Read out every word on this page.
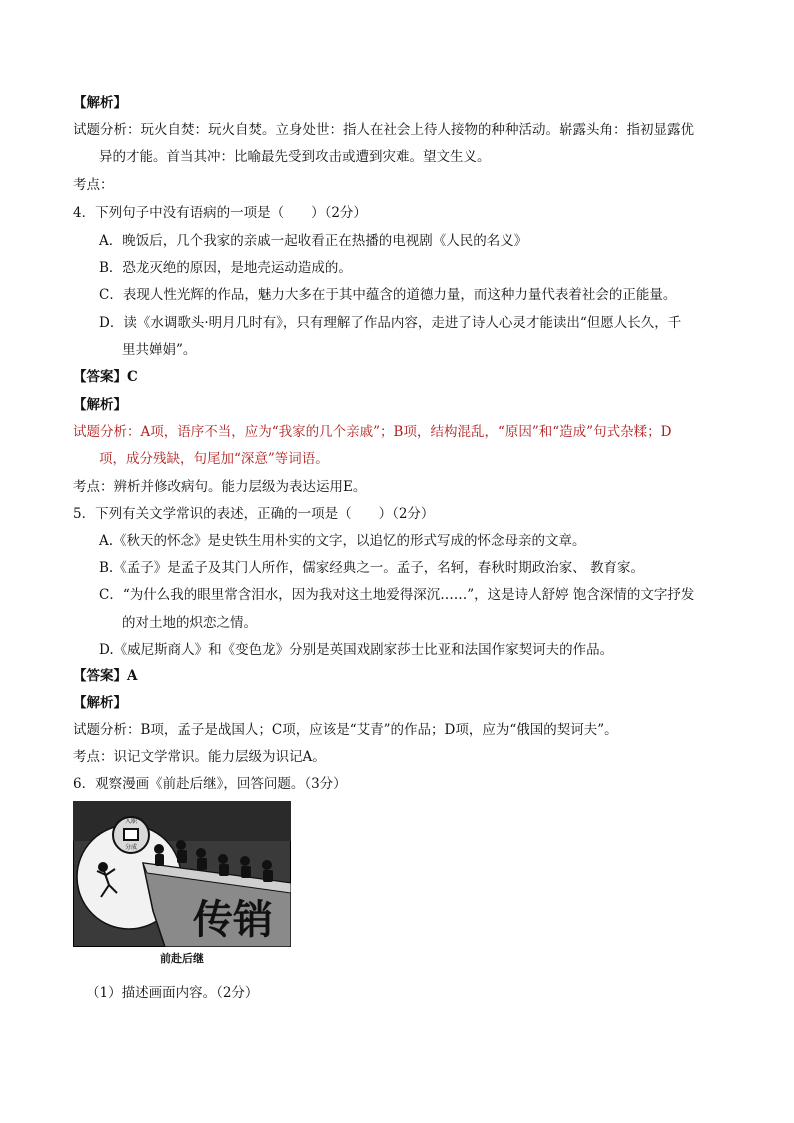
【解析】
试题分析：玩火自焚：玩火自焚。立身处世：指人在社会上待人接物的种种活动。崭露头角：指初显露优
异的才能。首当其冲：比喻最先受到攻击或遭到灾难。望文生义。
考点：
4．下列句子中没有语病的一项是（　　）（2分）
A．晚饭后，几个我家的亲戚一起收看正在热播的电视剧《人民的名义》
B．恐龙灭绝的原因，是地壳运动造成的。
C．表现人性光辉的作品，魅力大多在于其中蕴含的道德力量，而这种力量代表着社会的正能量。
D．读《水调歌头·明月几时有》，只有理解了作品内容，走进了诗人心灵才能读出“但愿人长久，千
里共婵娟”。
【答案】C
【解析】
试题分析：A项，语序不当，应为“我家的几个亲戚”；B项，结构混乱，“原因”和“造成”句式杂糅；D
项，成分残缺，句尾加“深意”等词语。
考点：辨析并修改病句。能力层级为表达运用E。
5．下列有关文学常识的表述，正确的一项是（　　）（2分）
A.《秋天的怀念》是史铁生用朴实的文字，以追忆的形式写成的怀念母亲的文章。
B.《孟子》是孟子及其门人所作，儒家经典之一。孟子，名轲，春秋时期政治家、 教育家。
C．“为什么我的眼里常含泪水，因为我对这土地爱得深沉……”，这是诗人舒婷 饱含深情的文字抒发
的对土地的炽恋之情。
D.《威尼斯商人》和《变色龙》分别是英国戏剧家莎士比亚和法国作家契诃夫的作品。
【答案】A
【解析】
试题分析：B项，孟子是战国人；C项，应该是“艾青”的作品；D项，应为“俄国的契诃夫”。
考点：识记文学常识。能力层级为识记A。
6．观察漫画《前赴后继》，回答问题。（3分）
入职
分成
传销
前赴后继
（1）描述画面内容。（2分）
